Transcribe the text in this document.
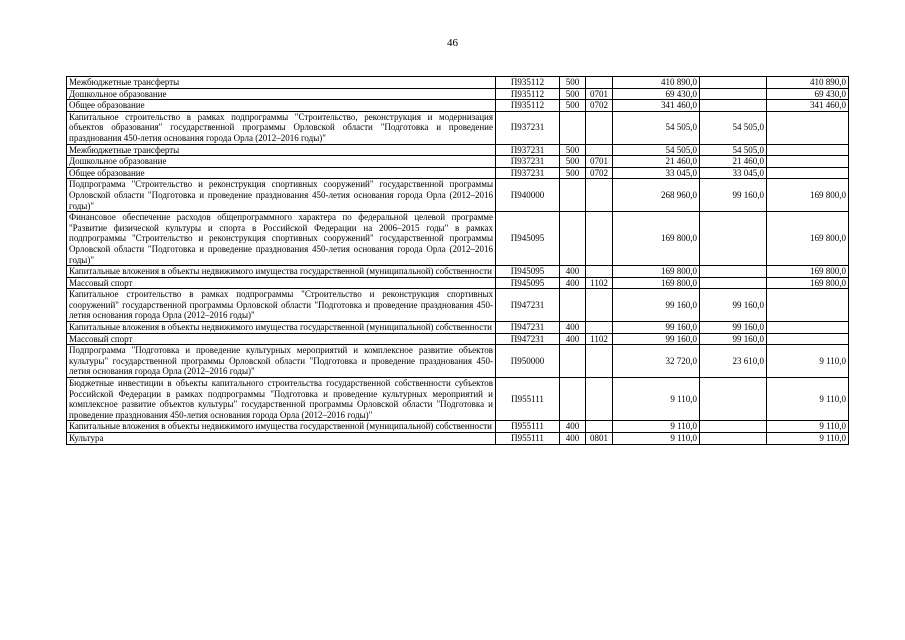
46
Межбюджетные трансферты	П935112	500		410 890,0		410 890,0
Дошкольное образование	П935112	500	0701	69 430,0		69 430,0
Общее образование	П935112	500	0702	341 460,0		341 460,0
Капитальное строительство в рамках подпрограммы "Строительство, реконструкция и модернизация объектов образования" государственной программы Орловской области "Подготовка и проведение празднования 450-летия основания города Орла (2012–2016 годы)"	П937231			54 505,0	54 505,0	
Межбюджетные трансферты	П937231	500		54 505,0	54 505,0	
Дошкольное образование	П937231	500	0701	21 460,0	21 460,0	
Общее образование	П937231	500	0702	33 045,0	33 045,0	
Подпрограмма "Строительство и реконструкция спортивных сооружений" государственной программы Орловской области "Подготовка и проведение празднования 450-летия основания города Орла (2012–2016 годы)"	П940000			268 960,0	99 160,0	169 800,0
Финансовое обеспечение расходов общепрограммного характера по федеральной целевой программе "Развитие физической культуры и спорта в Российской Федерации на 2006–2015 годы" в рамках подпрограммы "Строительство и реконструкция спортивных сооружений" государственной программы Орловской области "Подготовка и проведение празднования 450-летия основания города Орла (2012–2016 годы)"	П945095			169 800,0		169 800,0
Капитальные вложения в объекты недвижимого имущества государственной (муниципальной) собственности	П945095	400		169 800,0		169 800,0
Массовый спорт	П945095	400	1102	169 800,0		169 800,0
Капитальное строительство в рамках подпрограммы "Строительство и реконструкция спортивных сооружений" государственной программы Орловской области "Подготовка и проведение празднования 450-летия основания города Орла (2012–2016 годы)"	П947231			99 160,0	99 160,0	
Капитальные вложения в объекты недвижимого имущества государственной (муниципальной) собственности	П947231	400		99 160,0	99 160,0	
Массовый спорт	П947231	400	1102	99 160,0	99 160,0	
Подпрограмма "Подготовка и проведение культурных мероприятий и комплексное развитие объектов культуры" государственной программы Орловской области "Подготовка и проведение празднования 450-летия основания города Орла (2012–2016 годы)"	П950000			32 720,0	23 610,0	9 110,0
Бюджетные инвестиции в объекты капитального строительства государственной собственности субъектов Российской Федерации в рамках подпрограммы "Подготовка и проведение культурных мероприятий и комплексное развитие объектов культуры" государственной программы Орловской области "Подготовка и проведение празднования 450-летия основания города Орла (2012–2016 годы)"	П955111			9 110,0		9 110,0
Капитальные вложения в объекты недвижимого имущества государственной (муниципальной) собственности	П955111	400		9 110,0		9 110,0
Культура	П955111	400	0801	9 110,0		9 110,0
